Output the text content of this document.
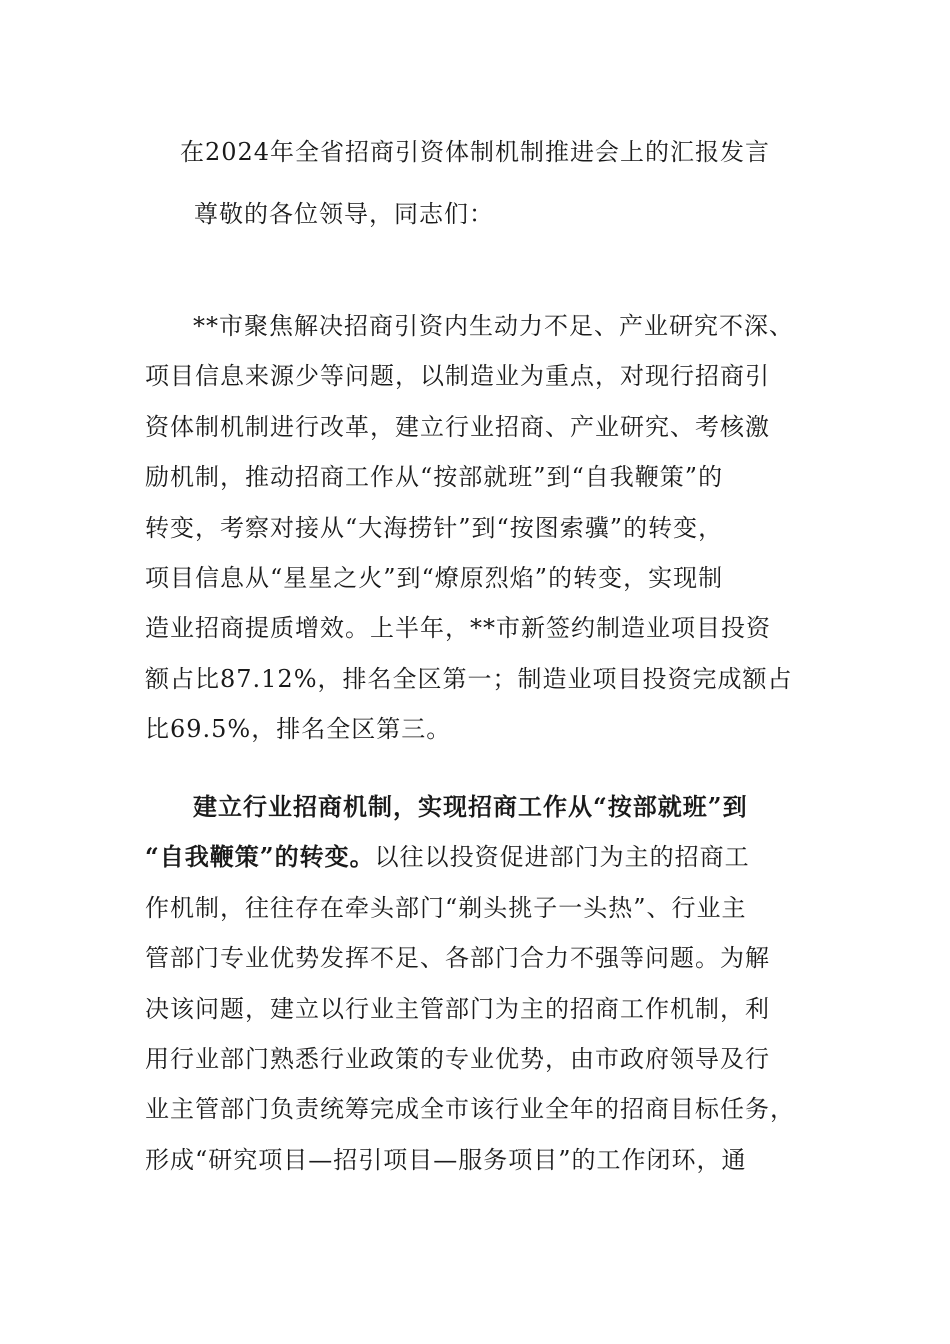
在2024年全省招商引资体制机制推进会上的汇报发言
尊敬的各位领导，同志们：
**市聚焦解决招商引资内生动力不足、产业研究不深、
项目信息来源少等问题，以制造业为重点，对现行招商引
资体制机制进行改革，建立行业招商、产业研究、考核激
励机制，推动招商工作从“按部就班”到“自我鞭策”的
转变，考察对接从“大海捞针”到“按图索骥”的转变，
项目信息从“星星之火”到“燎原烈焰”的转变，实现制
造业招商提质增效。上半年，**市新签约制造业项目投资
额占比87.12%，排名全区第一；制造业项目投资完成额占
比69.5%，排名全区第三。
建立行业招商机制，实现招商工作从“按部就班”到
“自我鞭策”的转变。以往以投资促进部门为主的招商工
作机制，往往存在牵头部门“剃头挑子一头热”、行业主
管部门专业优势发挥不足、各部门合力不强等问题。为解
决该问题，建立以行业主管部门为主的招商工作机制，利
用行业部门熟悉行业政策的专业优势，由市政府领导及行
业主管部门负责统筹完成全市该行业全年的招商目标任务，
形成“研究项目—招引项目—服务项目”的工作闭环，通
